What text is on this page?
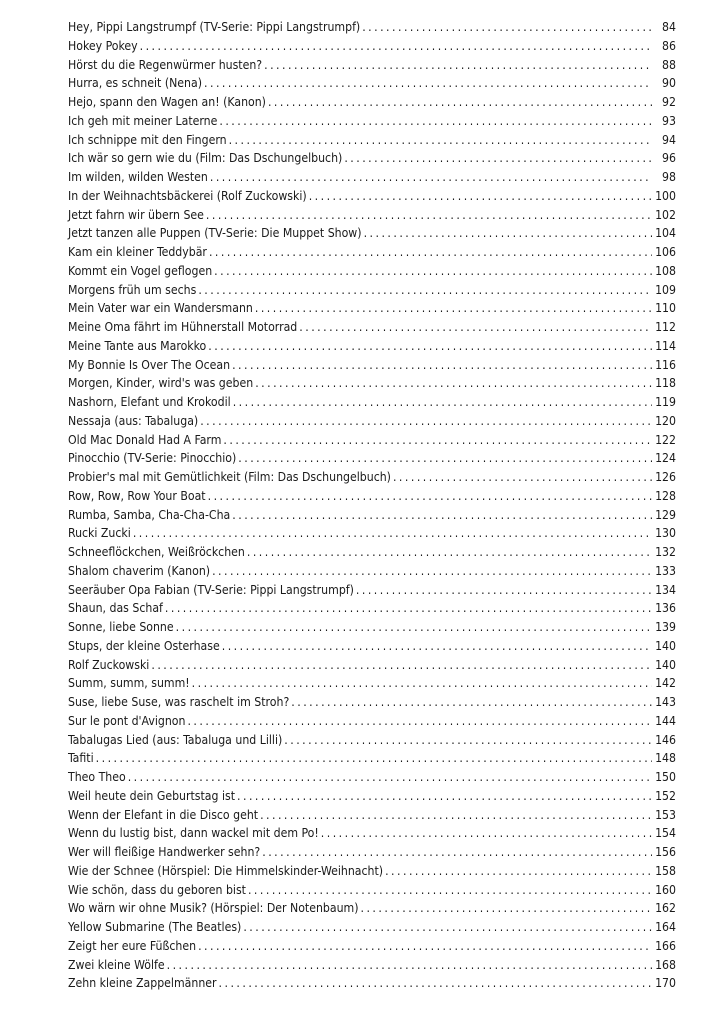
Hey, Pippi Langstrumpf (TV-Serie: Pippi Langstrumpf) . . .	84
Hokey Pokey . . .	86
Hörst du die Regenwürmer husten? . . .	88
Hurra, es schneit (Nena) . . .	90
Hejo, spann den Wagen an! (Kanon) . . .	92
Ich geh mit meiner Laterne . . .	93
Ich schnippe mit den Fingern . . .	94
Ich wär so gern wie du (Film: Das Dschungelbuch) . . .	96
Im wilden, wilden Westen . . .	98
In der Weihnachtsbäckerei (Rolf Zuckowski) . . .	100
Jetzt fahrn wir übern See . . .	102
Jetzt tanzen alle Puppen (TV-Serie: Die Muppet Show) . . .	104
Kam ein kleiner Teddybär . . .	106
Kommt ein Vogel geflogen . . .	108
Morgens früh um sechs . . .	109
Mein Vater war ein Wandersmann . . .	110
Meine Oma fährt im Hühnerstall Motorrad . . .	112
Meine Tante aus Marokko . . .	114
My Bonnie Is Over The Ocean . . .	116
Morgen, Kinder, wird's was geben . . .	118
Nashorn, Elefant und Krokodil . . .	119
Nessaja (aus: Tabaluga) . . .	120
Old Mac Donald Had A Farm . . .	122
Pinocchio (TV-Serie: Pinocchio) . . .	124
Probier's mal mit Gemütlichkeit (Film: Das Dschungelbuch) . . .	126
Row, Row, Row Your Boat . . .	128
Rumba, Samba, Cha-Cha-Cha . . .	129
Rucki Zucki . . .	130
Schneeflöckchen, Weißröckchen . . .	132
Shalom chaverim (Kanon) . . .	133
Seeräuber Opa Fabian (TV-Serie: Pippi Langstrumpf) . . .	134
Shaun, das Schaf . . .	136
Sonne, liebe Sonne . . .	139
Stups, der kleine Osterhase . . .	140
Rolf Zuckowski . . .	140
Summ, summ, summ! . . .	142
Suse, liebe Suse, was raschelt im Stroh? . . .	143
Sur le pont d'Avignon . . .	144
Tabalugas Lied (aus: Tabaluga und Lilli) . . .	146
Tafiti . . .	148
Theo Theo . . .	150
Weil heute dein Geburtstag ist . . .	152
Wenn der Elefant in die Disco geht . . .	153
Wenn du lustig bist, dann wackel mit dem Po! . . .	154
Wer will fleißige Handwerker sehn? . . .	156
Wie der Schnee (Hörspiel: Die Himmelskinder-Weihnacht) . . .	158
Wie schön, dass du geboren bist . . .	160
Wo wärn wir ohne Musik? (Hörspiel: Der Notenbaum) . . .	162
Yellow Submarine (The Beatles) . . .	164
Zeigt her eure Füßchen . . .	166
Zwei kleine Wölfe . . .	168
Zehn kleine Zappelmänner . . .	170
